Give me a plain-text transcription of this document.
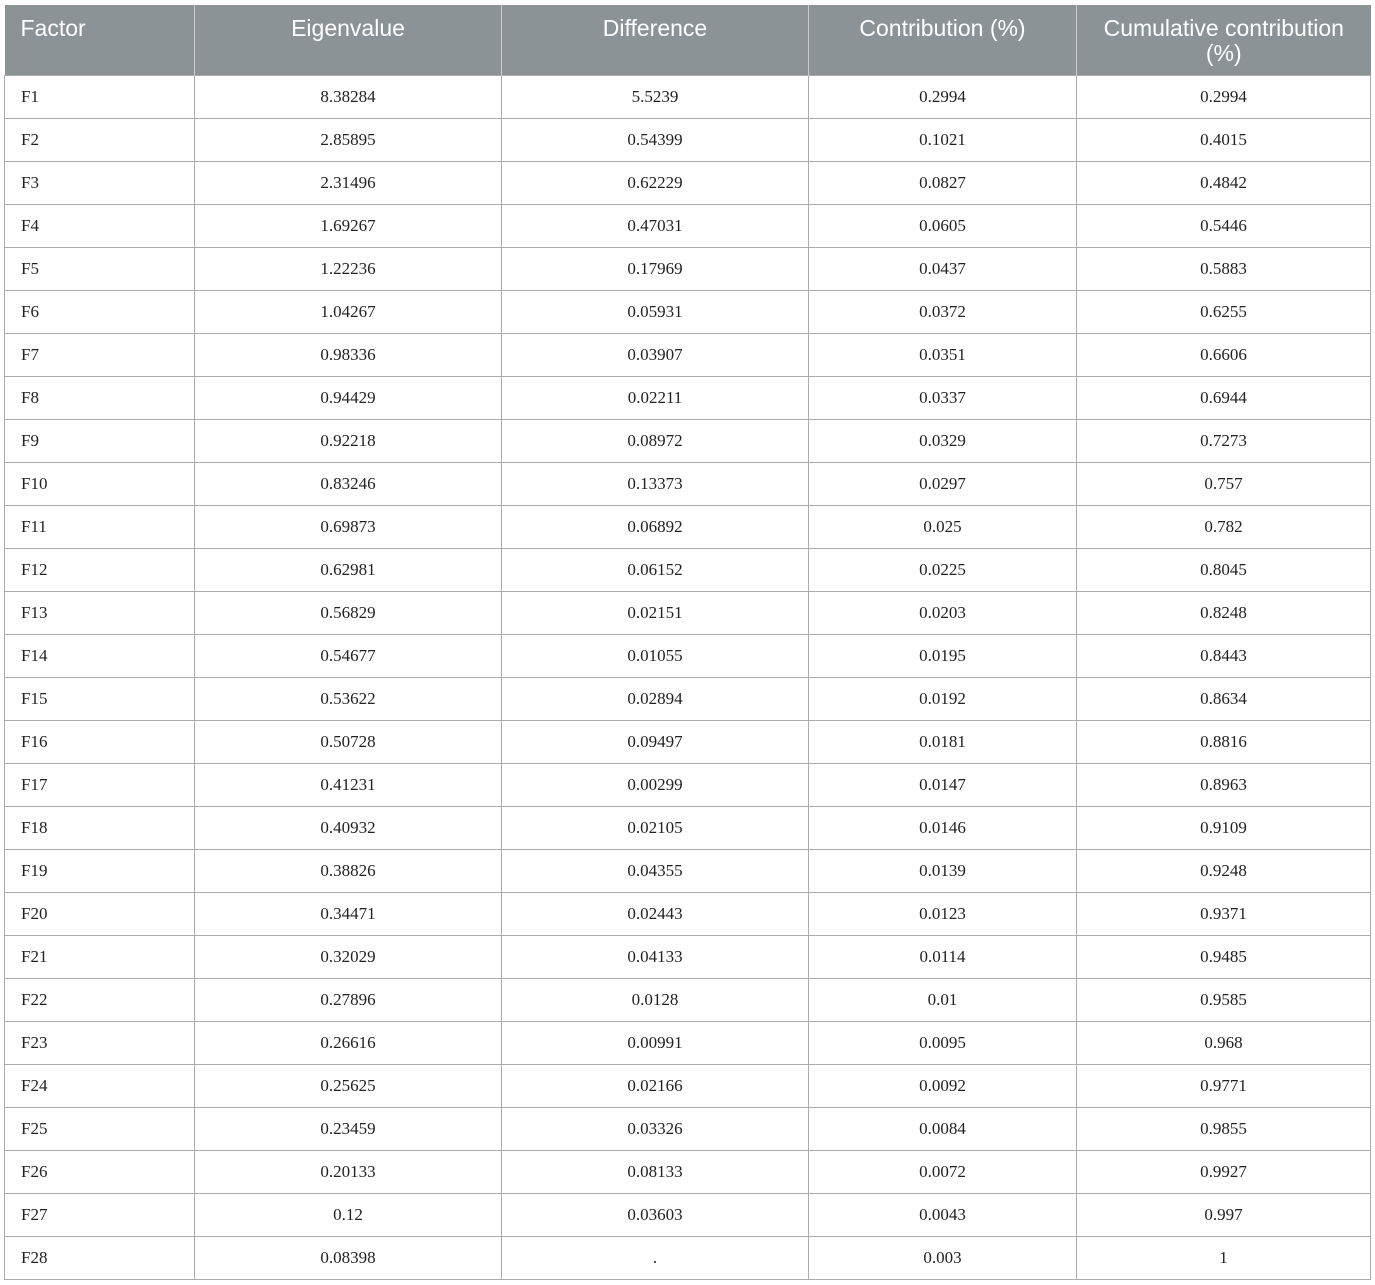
Factor	Eigenvalue	Difference	Contribution (%)	Cumulative contribution (%)

F1	8.38284	5.5239	0.2994	0.2994
F2	2.85895	0.54399	0.1021	0.4015
F3	2.31496	0.62229	0.0827	0.4842
F4	1.69267	0.47031	0.0605	0.5446
F5	1.22236	0.17969	0.0437	0.5883
F6	1.04267	0.05931	0.0372	0.6255
F7	0.98336	0.03907	0.0351	0.6606
F8	0.94429	0.02211	0.0337	0.6944
F9	0.92218	0.08972	0.0329	0.7273
F10	0.83246	0.13373	0.0297	0.757
F11	0.69873	0.06892	0.025	0.782
F12	0.62981	0.06152	0.0225	0.8045
F13	0.56829	0.02151	0.0203	0.8248
F14	0.54677	0.01055	0.0195	0.8443
F15	0.53622	0.02894	0.0192	0.8634
F16	0.50728	0.09497	0.0181	0.8816
F17	0.41231	0.00299	0.0147	0.8963
F18	0.40932	0.02105	0.0146	0.9109
F19	0.38826	0.04355	0.0139	0.9248
F20	0.34471	0.02443	0.0123	0.9371
F21	0.32029	0.04133	0.0114	0.9485
F22	0.27896	0.0128	0.01	0.9585
F23	0.26616	0.00991	0.0095	0.968
F24	0.25625	0.02166	0.0092	0.9771
F25	0.23459	0.03326	0.0084	0.9855
F26	0.20133	0.08133	0.0072	0.9927
F27	0.12	0.03603	0.0043	0.997
F28	0.08398	.	0.003	1
